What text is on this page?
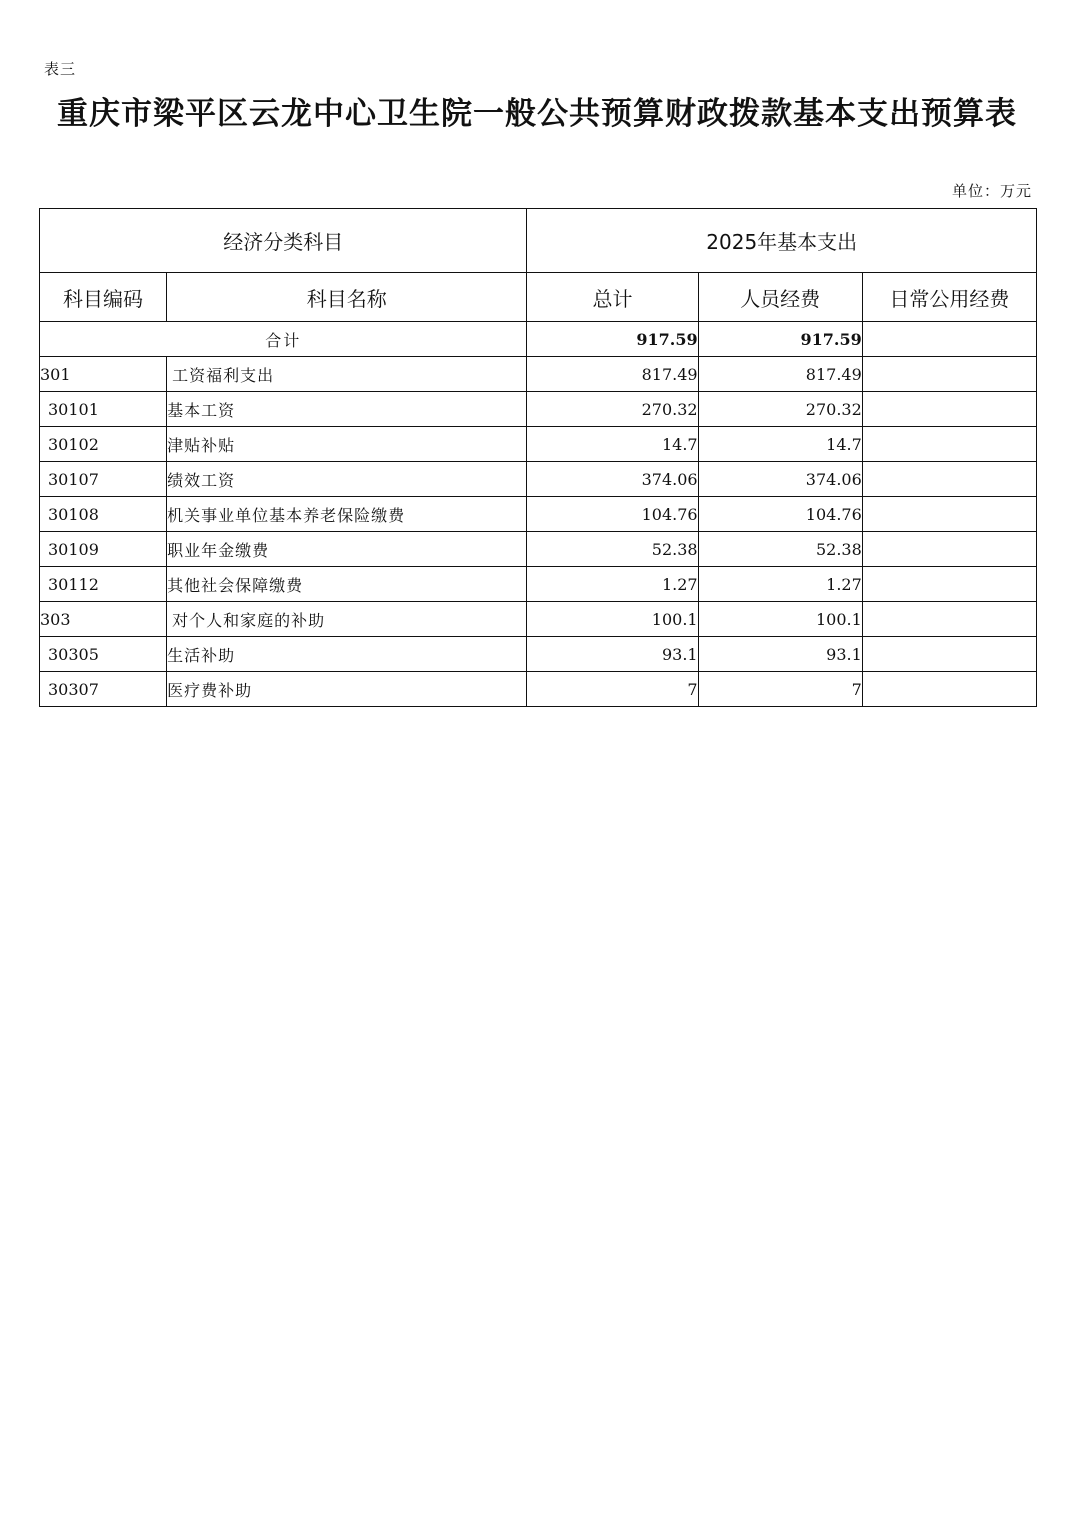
表三
重庆市梁平区云龙中心卫生院一般公共预算财政拨款基本支出预算表
单位：万元
经济分类科目		2025年基本支出		
科目编码	科目名称	总计	人员经费	日常公用经费
合计		917.59	917.59	
301	工资福利支出	817.49	817.49	
30101	基本工资	270.32	270.32	
30102	津贴补贴	14.7	14.7	
30107	绩效工资	374.06	374.06	
30108	机关事业单位基本养老保险缴费	104.76	104.76	
30109	职业年金缴费	52.38	52.38	
30112	其他社会保障缴费	1.27	1.27	
303	对个人和家庭的补助	100.1	100.1	
30305	生活补助	93.1	93.1	
30307	医疗费补助	7	7	
